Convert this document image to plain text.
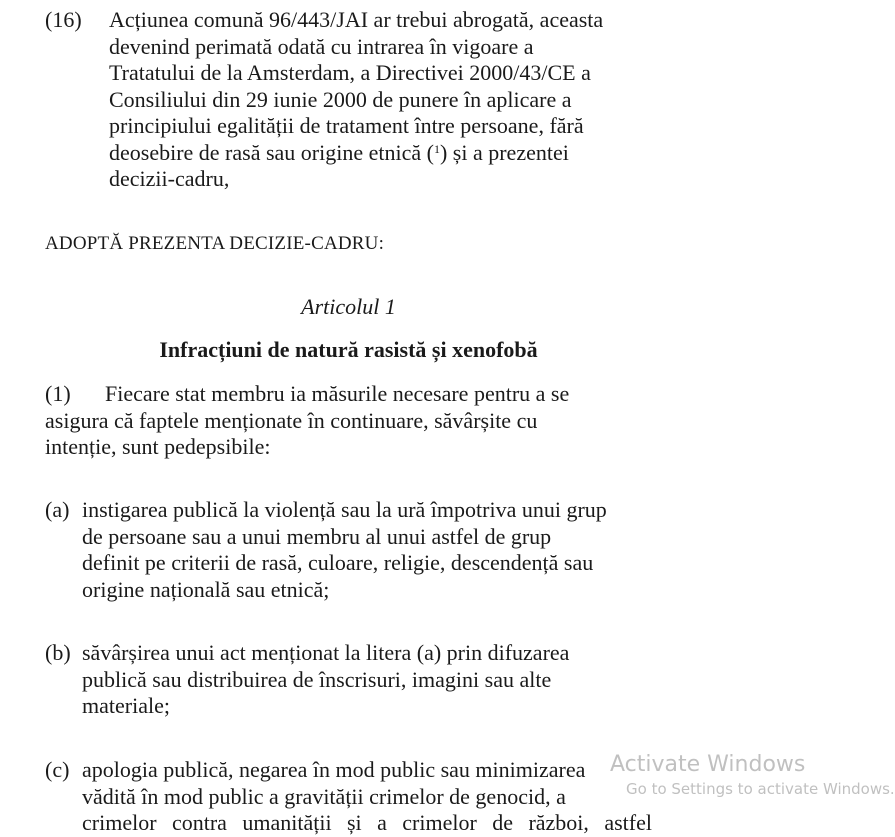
(16) Acțiunea comună 96/443/JAI ar trebui abrogată, aceasta

devenind perimată odată cu intrarea în vigoare a

Tratatului de la Amsterdam, a Directivei 2000/43/CE a

Consiliului din 29 iunie 2000 de punere în aplicare a

principiului egalității de tratament între persoane, fără

deosebire de rasă sau origine etnică ($^1$) și a prezentei

decizii-cadru,

ADOPTĂ PREZENTA DECIZIE-CADRU:
Articolul 1
Infracțiuni de natură rasistă și xenofobă

(1) Fiecare stat membru ia măsurile necesare pentru a se

asigura că faptele menționate în continuare, săvârșite cu

intenție, sunt pedepsibile:

(a) instigarea publică la violență sau la ură împotriva unui grup

de persoane sau a unui membru al unui astfel de grup

definit pe criterii de rasă, culoare, religie, descendență sau

origine națională sau etnică;

(b) săvârșirea unui act menționat la litera (a) prin difuzarea

publică sau distribuirea de înscrisuri, imagini sau alte

materiale;

(c) apologia publică, negarea în mod public sau minimizarea

vădită în mod public a gravității crimelor de genocid, a

crimelor contra umanității și a crimelor de război, astfel

Activate Windows
Go to Settings to activate Windows.
